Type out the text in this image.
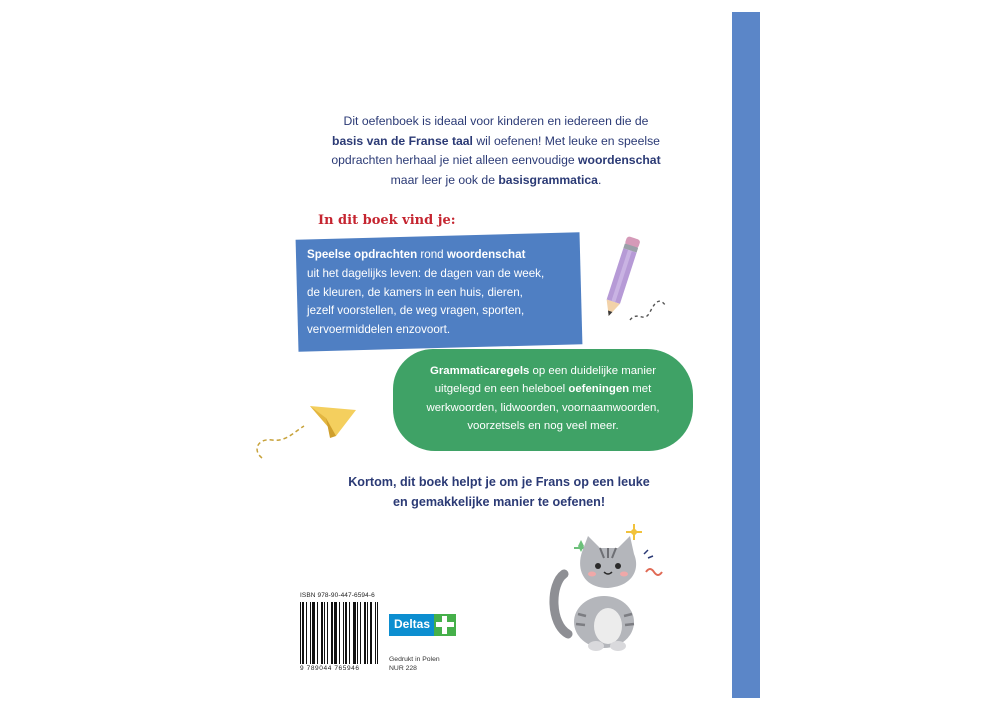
Dit oefenboek is ideaal voor kinderen en iedereen die de
basis van de Franse taal wil oefenen! Met leuke en speelse
opdrachten herhaal je niet alleen eenvoudige woordenschat
maar leer je ook de basisgrammatica.
In dit boek vind je:
Speelse opdrachten rond woordenschat
uit het dagelijks leven: de dagen van de week,
de kleuren, de kamers in een huis, dieren,
jezelf voorstellen, de weg vragen, sporten,
vervoermiddelen enzovoort.
Grammaticaregels op een duidelijke manier
uitgelegd en een heleboel oefeningen met
werkwoorden, lidwoorden, voornaamwoorden,
voorzetsels en nog veel meer.
Kortom, dit boek helpt je om je Frans op een leuke
en gemakkelijke manier te oefenen!
ISBN 978-90-447-6594-6
9 789044 765946
Deltas
Gedrukt in Polen
NUR 228
